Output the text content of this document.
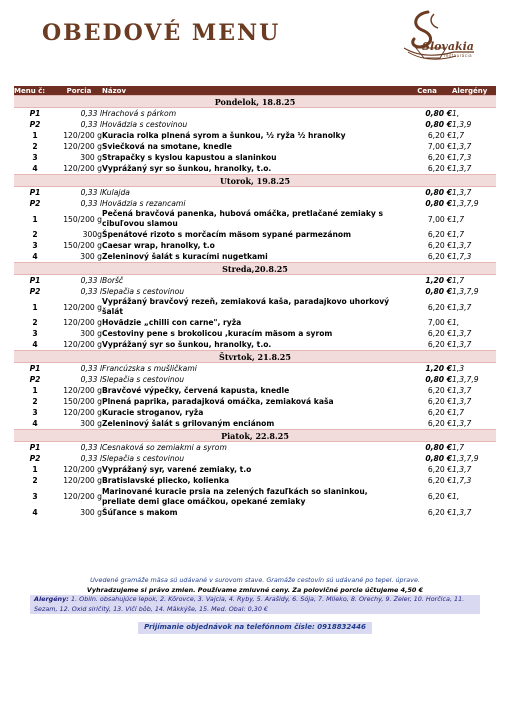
OBEDOVÉ MENU
Slovakia
reštaurácia
Menu č:	Porcia	Názov	Cena	Alergény
Pondelok, 18.8.25				
P1	0,33 l	Hrachová s párkom	0,80 €	1,
P2	0,33 l	Hovädzia s cestovinou	0,80 €	1,3,9
1	120/200 g	Kuracia rolka plnená syrom a šunkou, ½ ryža ½ hranolky	6,20 €	1,7
2	120/200 g	Sviečková na smotane, knedle	7,00 €	1,3,7
3	300 g	Strapačky s kyslou kapustou a slaninkou	6,20 €	1,7,3
4	120/200 g	Vyprážaný syr so šunkou, hranolky, t.o.	6,20 €	1,3,7
Utorok, 19.8.25				
P1	0,33 l	Kulajda	0,80 €	1,3,7
P2	0,33 l	Hovädzia s rezancami	0,80 €	1,3,7,9
1	150/200 g	Pečená bravčová panenka, hubová omáčka, pretlačané zemiaky s cibuľovou slamou	7,00 €	1,7
2	300g	Špenátové rizoto s morčacím mäsom sypané parmezánom	6,20 €	1,7
3	150/200 g	Caesar wrap, hranolky, t.o	6,20 €	1,3,7
4	300 g	Zeleninový šalát s kuracími nugetkami	6,20 €	1,7,3
Streda,20.8.25				
P1	0,33 l	Boršč	1,20 €	1,7
P2	0,33 l	Slepačia s cestovinou	0,80 €	1,3,7,9
1	120/200 g	Vyprážaný bravčový rezeň, zemiaková kaša, paradajkovo uhorkový šalát	6,20 €	1,3,7
2	120/200 g	Hovädzie „chilli con carne", ryža	7,00 €	1,
3	300 g	Cestoviny pene s brokolicou ,kuracím mäsom a syrom	6,20 €	1,3,7
4	120/200 g	Vyprážaný syr so šunkou, hranolky, t.o.	6,20 €	1,3,7
Štvrtok, 21.8.25				
P1	0,33 l	Francúzska s mušličkami	1,20 €	1,3
P2	0,33 l	Slepačia s cestovinou	0,80 €	1,3,7,9
1	120/200 g	Bravčové výpečky, červená kapusta, knedle	6,20 €	1,3,7
2	150/200 g	Plnená paprika, paradajková omáčka, zemiaková kaša	6,20 €	1,3,7
3	120/200 g	Kuracie stroganov, ryža	6,20 €	1,7
4	300 g	Zeleninový šalát s grilovaným enciánom	6,20 €	1,3,7
Piatok, 22.8.25				
P1	0,33 l	Cesnaková so zemiakmi a syrom	0,80 €	1,7
P2	0,33 l	Slepačia s cestovinou	0,80 €	1,3,7,9
1	120/200 g	Vyprážaný syr, varené zemiaky, t.o	6,20 €	1,3,7
2	120/200 g	Bratislavské pliecko, kolienka	6,20 €	1,7,3
3	120/200 g	Marinované kuracie prsia na zelených fazuľkách so slaninkou, preliate demi glace omáčkou, opekané zemiaky	6,20 €	1,
4	300 g	Šúľance s makom	6,20 €	1,3,7
Uvedené gramáže mäsa sú udávané v surovom stave. Gramáže cestovín sú udávané po tepel. úprave.
Vyhradzujeme si právo zmien. Používame zmluvné ceny. Za polovičné porcie účtujeme 4,50 €
Alergény: 1. Obiln. obsahujúce lepok, 2. Kôrovce, 3. Vajcia, 4. Ryby, 5. Arašidy, 6. Sója, 7. Mlieko, 8. Orechy, 9. Zeler, 10. Horčica, 11. Sezam, 12. Oxid siričitý, 13. Vlčí bôb, 14. Mäkkýše, 15. Med. Obal: 0,30 €
Prijímanie objednávok na telefónnom čísle: 0918832446
